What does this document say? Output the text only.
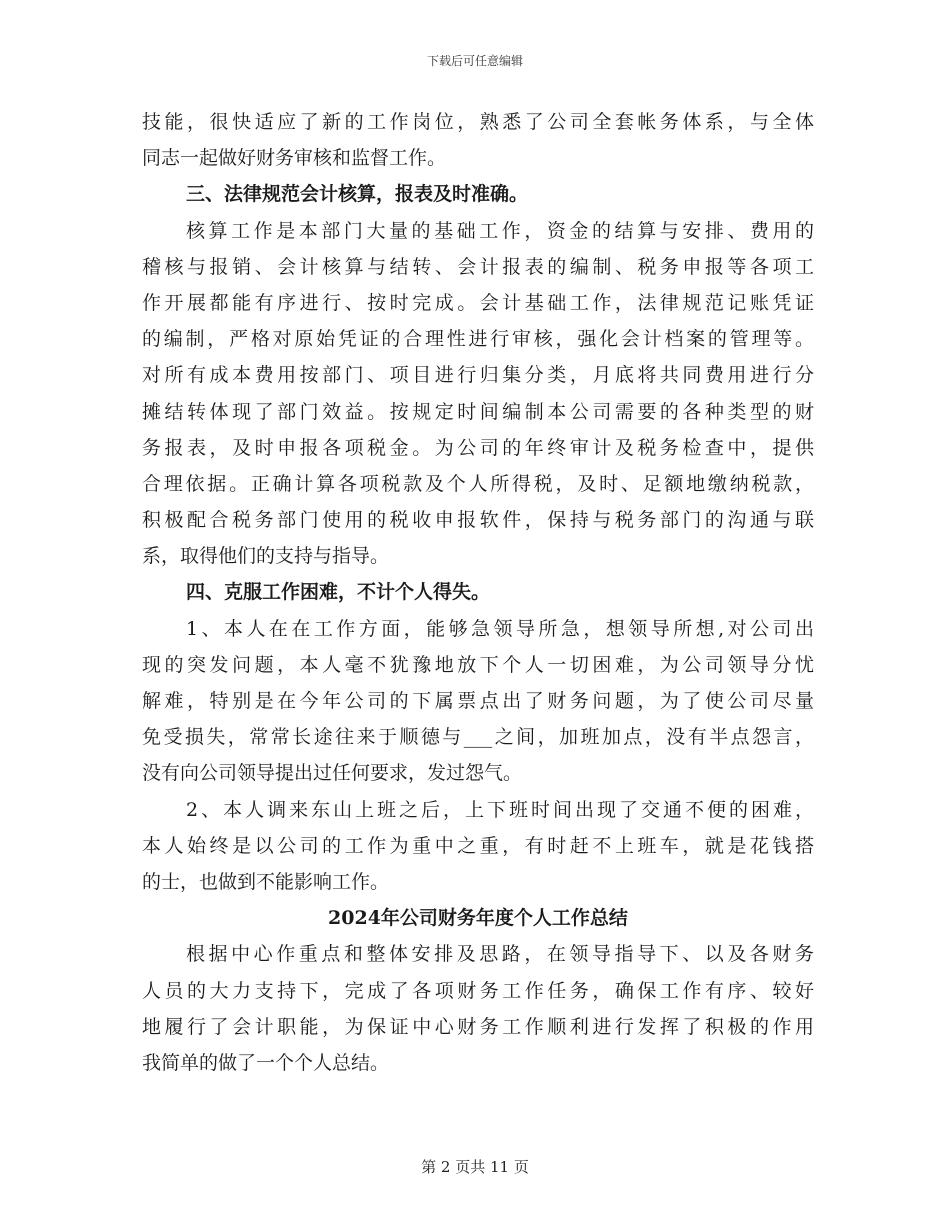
下载后可任意编辑
技能，很快适应了新的工作岗位，熟悉了公司全套帐务体系，与全体
同志一起做好财务审核和监督工作。
三、法律规范会计核算，报表及时准确。
核算工作是本部门大量的基础工作，资金的结算与安排、费用的
稽核与报销、会计核算与结转、会计报表的编制、税务申报等各项工
作开展都能有序进行、按时完成。会计基础工作，法律规范记账凭证
的编制，严格对原始凭证的合理性进行审核，强化会计档案的管理等。
对所有成本费用按部门、项目进行归集分类，月底将共同费用进行分
摊结转体现了部门效益。按规定时间编制本公司需要的各种类型的财
务报表，及时申报各项税金。为公司的年终审计及税务检查中，提供
合理依据。正确计算各项税款及个人所得税，及时、足额地缴纳税款，
积极配合税务部门使用的税收申报软件，保持与税务部门的沟通与联
系，取得他们的支持与指导。
四、克服工作困难，不计个人得失。
1、本人在在工作方面，能够急领导所急，想领导所想,对公司出
现的突发问题，本人毫不犹豫地放下个人一切困难，为公司领导分忧
解难，特别是在今年公司的下属票点出了财务问题，为了使公司尽量
免受损失，常常长途往来于顺德与___之间，加班加点，没有半点怨言，
没有向公司领导提出过任何要求，发过怨气。
2、本人调来东山上班之后，上下班时间出现了交通不便的困难，
本人始终是以公司的工作为重中之重，有时赶不上班车，就是花钱搭
的士，也做到不能影响工作。
2024年公司财务年度个人工作总结
根据中心作重点和整体安排及思路，在领导指导下、以及各财务
人员的大力支持下，完成了各项财务工作任务，确保工作有序、较好
地履行了会计职能，为保证中心财务工作顺利进行发挥了积极的作用
我简单的做了一个个人总结。
第 2 页共 11 页
